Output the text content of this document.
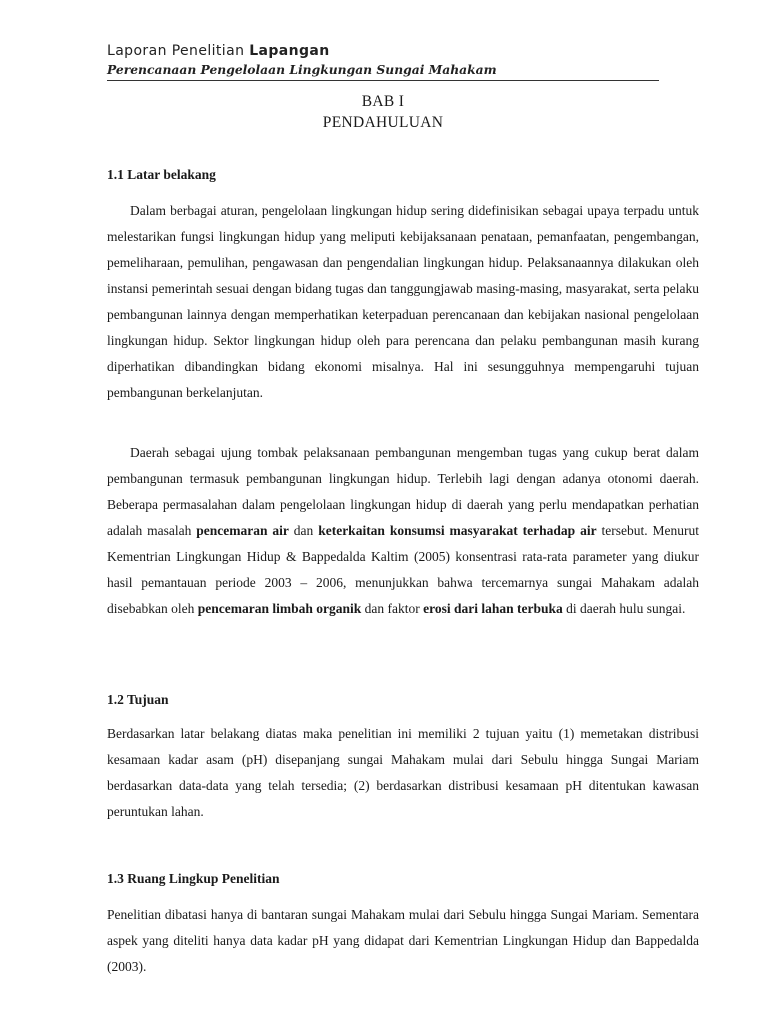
Laporan Penelitian Lapangan
Perencanaan Pengelolaan Lingkungan Sungai Mahakam
BAB I
PENDAHULUAN
1.1 Latar belakang

Dalam berbagai aturan, pengelolaan lingkungan hidup sering didefinisikan sebagai upaya terpadu untuk melestarikan fungsi lingkungan hidup yang meliputi kebijaksanaan penataan, pemanfaatan, pengembangan, pemeliharaan, pemulihan, pengawasan dan pengendalian lingkungan hidup. Pelaksanaannya dilakukan oleh instansi pemerintah sesuai dengan bidang tugas dan tanggungjawab masing-masing, masyarakat, serta pelaku pembangunan lainnya dengan memperhatikan keterpaduan perencanaan dan kebijakan nasional pengelolaan lingkungan hidup. Sektor lingkungan hidup oleh para perencana dan pelaku pembangunan masih kurang diperhatikan dibandingkan bidang ekonomi misalnya. Hal ini sesungguhnya mempengaruhi tujuan pembangunan berkelanjutan.

Daerah sebagai ujung tombak pelaksanaan pembangunan mengemban tugas yang cukup berat dalam pembangunan termasuk pembangunan lingkungan hidup. Terlebih lagi dengan adanya otonomi daerah. Beberapa permasalahan dalam pengelolaan lingkungan hidup di daerah yang perlu mendapatkan perhatian adalah masalah pencemaran air dan keterkaitan konsumsi masyarakat terhadap air tersebut. Menurut Kementrian Lingkungan Hidup & Bappedalda Kaltim (2005) konsentrasi rata-rata parameter yang diukur hasil pemantauan periode 2003 – 2006, menunjukkan bahwa tercemarnya sungai Mahakam adalah disebabkan oleh pencemaran limbah organik dan faktor erosi dari lahan terbuka di daerah hulu sungai.

1.2 Tujuan

Berdasarkan latar belakang diatas maka penelitian ini memiliki 2 tujuan yaitu (1) memetakan distribusi kesamaan kadar asam (pH) disepanjang sungai Mahakam mulai dari Sebulu hingga Sungai Mariam berdasarkan data-data yang telah tersedia; (2) berdasarkan distribusi kesamaan pH ditentukan kawasan peruntukan lahan.

1.3 Ruang Lingkup Penelitian

Penelitian dibatasi hanya di bantaran sungai Mahakam mulai dari Sebulu hingga Sungai Mariam. Sementara aspek yang diteliti hanya data kadar pH yang didapat dari Kementrian Lingkungan Hidup dan Bappedalda (2003).
